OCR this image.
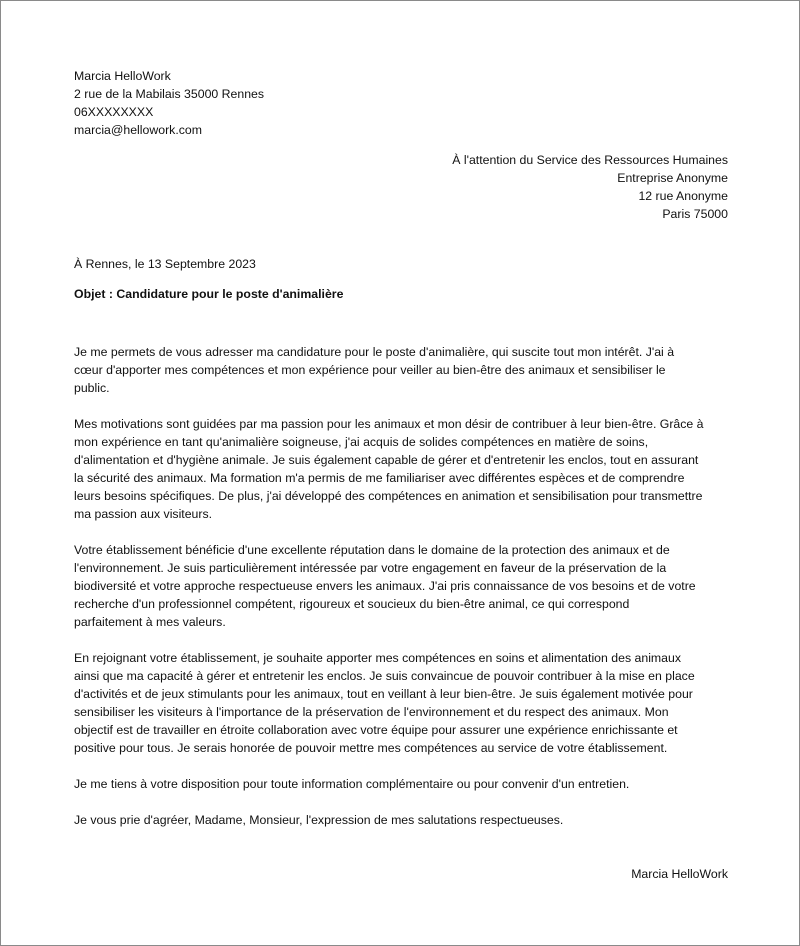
Marcia HelloWork
2 rue de la Mabilais 35000 Rennes
06XXXXXXXX
marcia@hellowork.com
À l'attention du Service des Ressources Humaines
Entreprise Anonyme
12 rue Anonyme
Paris 75000
À Rennes, le 13 Septembre 2023
Objet : Candidature pour le poste d'animalière

Je me permets de vous adresser ma candidature pour le poste d'animalière, qui suscite tout mon intérêt. J'ai à
cœur d'apporter mes compétences et mon expérience pour veiller au bien-être des animaux et sensibiliser le
public.

Mes motivations sont guidées par ma passion pour les animaux et mon désir de contribuer à leur bien-être. Grâce à
mon expérience en tant qu'animalière soigneuse, j'ai acquis de solides compétences en matière de soins,
d'alimentation et d'hygiène animale. Je suis également capable de gérer et d'entretenir les enclos, tout en assurant
la sécurité des animaux. Ma formation m'a permis de me familiariser avec différentes espèces et de comprendre
leurs besoins spécifiques. De plus, j'ai développé des compétences en animation et sensibilisation pour transmettre
ma passion aux visiteurs.

Votre établissement bénéficie d'une excellente réputation dans le domaine de la protection des animaux et de
l'environnement. Je suis particulièrement intéressée par votre engagement en faveur de la préservation de la
biodiversité et votre approche respectueuse envers les animaux. J'ai pris connaissance de vos besoins et de votre
recherche d'un professionnel compétent, rigoureux et soucieux du bien-être animal, ce qui correspond
parfaitement à mes valeurs.

En rejoignant votre établissement, je souhaite apporter mes compétences en soins et alimentation des animaux
ainsi que ma capacité à gérer et entretenir les enclos. Je suis convaincue de pouvoir contribuer à la mise en place
d'activités et de jeux stimulants pour les animaux, tout en veillant à leur bien-être. Je suis également motivée pour
sensibiliser les visiteurs à l'importance de la préservation de l'environnement et du respect des animaux. Mon
objectif est de travailler en étroite collaboration avec votre équipe pour assurer une expérience enrichissante et
positive pour tous. Je serais honorée de pouvoir mettre mes compétences au service de votre établissement.

Je me tiens à votre disposition pour toute information complémentaire ou pour convenir d'un entretien.

Je vous prie d'agréer, Madame, Monsieur, l'expression de mes salutations respectueuses.

Marcia HelloWork
